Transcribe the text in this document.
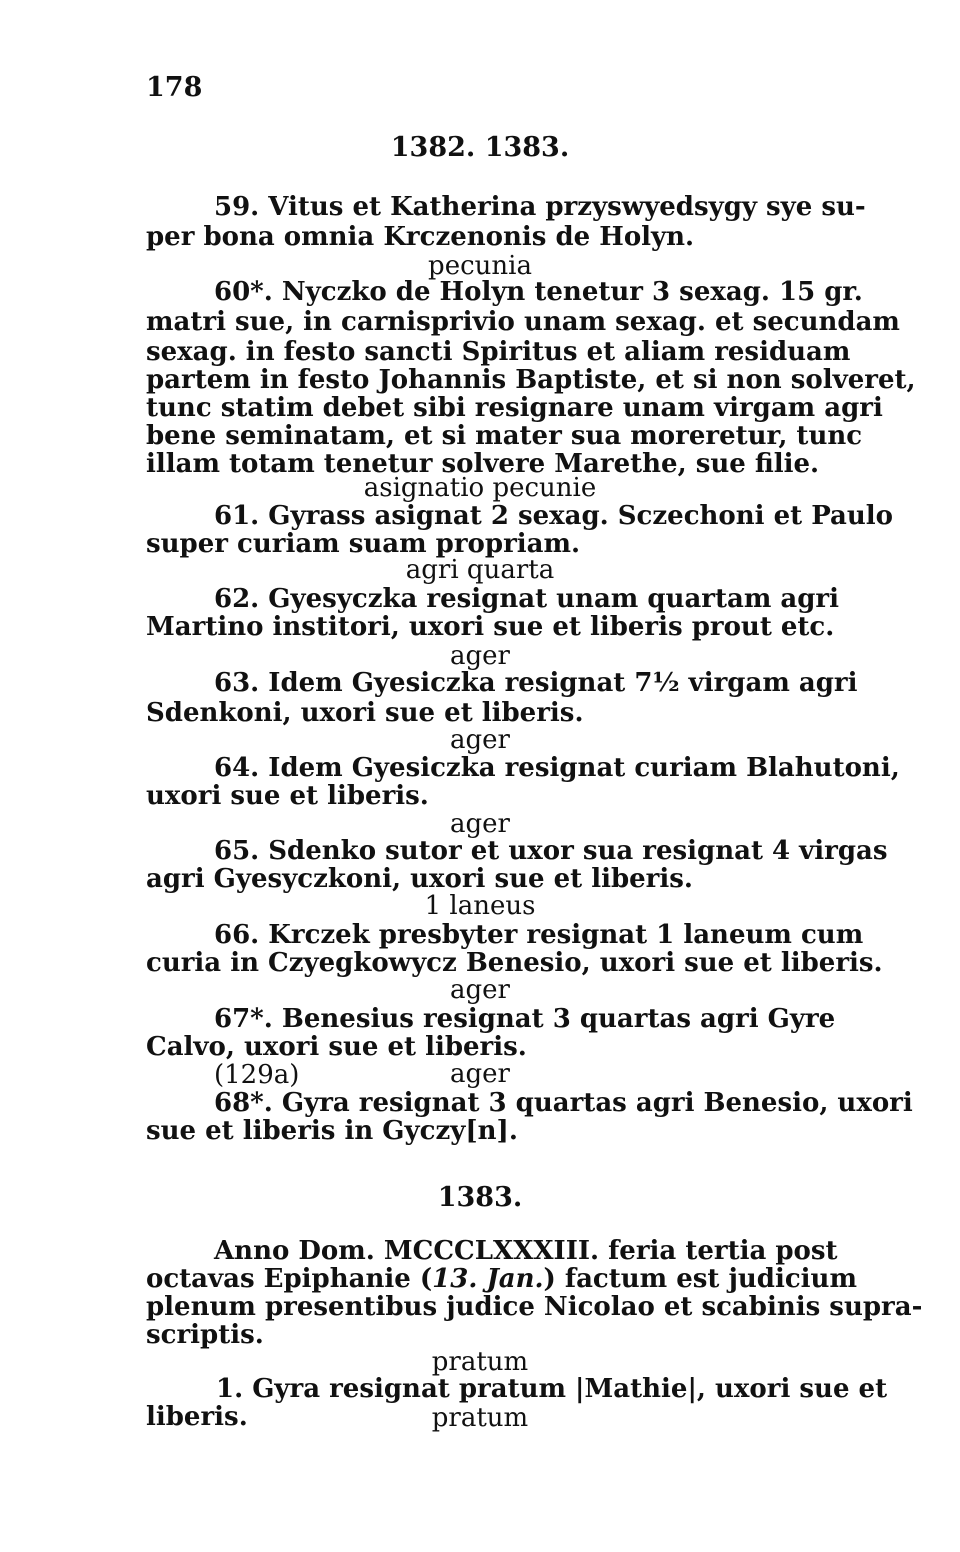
178
1382. 1383.
59. Vitus et Katherina przyswyedsygy sye su-
per bona omnia Krczenonis de Holyn.
pecunia
60*. Nyczko de Holyn tenetur 3 sexag. 15 gr.
matri sue, in carnisprivio unam sexag. et secundam
sexag. in festo sancti Spiritus et aliam residuam
partem in festo Johannis Baptiste, et si non solveret,
tunc statim debet sibi resignare unam virgam agri
bene seminatam, et si mater sua moreretur, tunc
illam totam tenetur solvere Marethe, sue filie.
asignatio pecunie
61. Gyrass asignat 2 sexag. Sczechoni et Paulo
super curiam suam propriam.
agri quarta
62. Gyesyczka resignat unam quartam agri
Martino institori, uxori sue et liberis prout etc.
ager
63. Idem Gyesiczka resignat 7½ virgam agri
Sdenkoni, uxori sue et liberis.
ager
64. Idem Gyesiczka resignat curiam Blahutoni,
uxori sue et liberis.
ager
65. Sdenko sutor et uxor sua resignat 4 virgas
agri Gyesyczkoni, uxori sue et liberis.
1 laneus
66. Krczek presbyter resignat 1 laneum cum
curia in Czyegkowycz Benesio, uxori sue et liberis.
ager
67*. Benesius resignat 3 quartas agri Gyre
Calvo, uxori sue et liberis.
(129a)	ager
68*. Gyra resignat 3 quartas agri Benesio, uxori
sue et liberis in Gyczy[n].
1383.
Anno Dom. MCCCLXXXIII. feria tertia post
octavas Epiphanie (13. Jan.) factum est judicium
plenum presentibus judice Nicolao et scabinis supra-
scriptis.
pratum
1. Gyra resignat pratum |Mathie|, uxori sue et
liberis.	pratum
